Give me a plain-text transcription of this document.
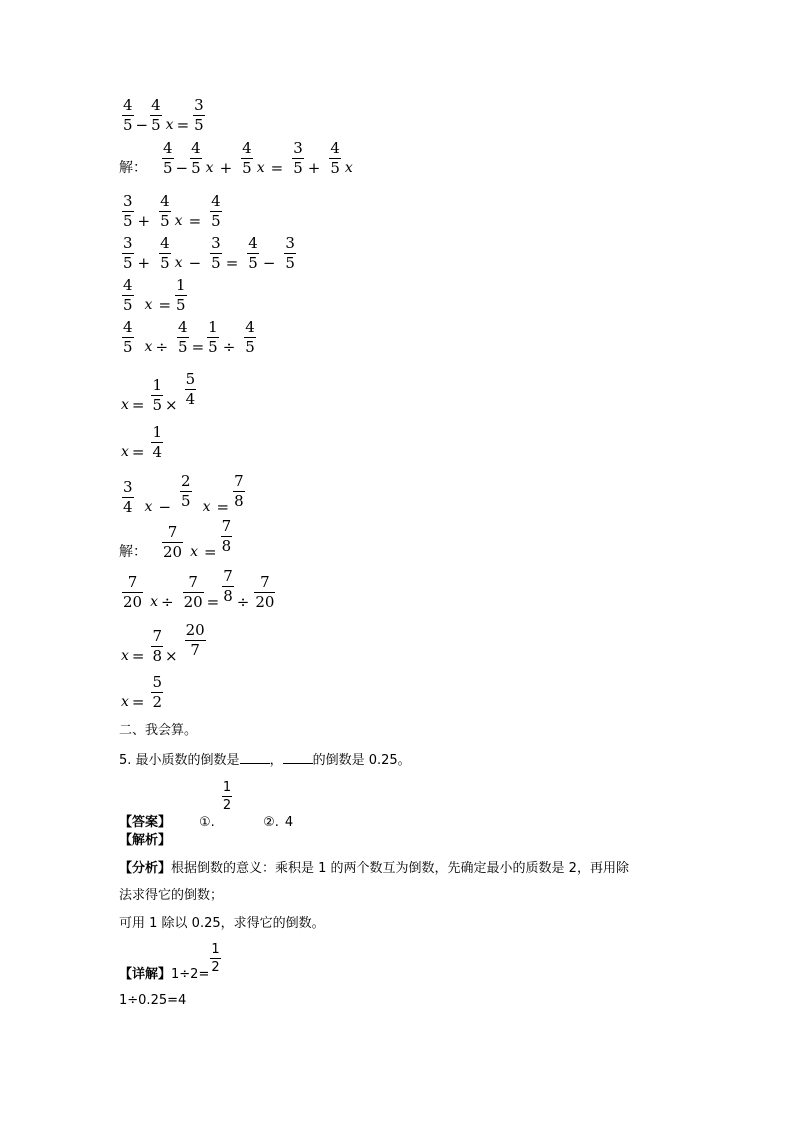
$\frac{4}{5} - \frac{4}{5}$ $x = \frac{3}{5}$
解： $\frac{4}{5} - \frac{4}{5}$ $x + \frac{4}{5}$ $x = \frac{3}{5} + \frac{4}{5}$ x
$\frac{3}{5} + \frac{4}{5}$ $x = \frac{4}{5}$
$\frac{3}{5} + \frac{4}{5}$ $x - \frac{3}{5} = \frac{4}{5} - \frac{3}{5}$
$\frac{4}{5}$ $x = \frac{1}{5}$
$\frac{4}{5}$ $x \div \frac{4}{5} = \frac{1}{5} \div \frac{4}{5}$
$x = \frac{1}{5} \times \frac{5}{4}$
$x = \frac{1}{4}$
$\frac{3}{4}$ $x - \frac{2}{5}$ $x = \frac{7}{8}$
解： $\frac{7}{20}$ $x = \frac{7}{8}$
$\frac{7}{20}$ $x \div \frac{7}{20} = \frac{7}{8} \div \frac{7}{20}$
$x = \frac{7}{8} \times \frac{20}{7}$
$x = \frac{5}{2}$
二、我会算。
5. 最小质数的倒数是 ， 的倒数是 0.25。
【答案】 ①.
$\frac{1}{2}$
②. 4
【解析】
【分析】根据倒数的意义：乘积是 1 的两个数互为倒数，先确定最小的质数是 2，再用除
法求得它的倒数；
可用 1 除以 0.25，求得它的倒数。
【详解】 $1\div 2= \frac{1}{2}$
1÷0.25=4
